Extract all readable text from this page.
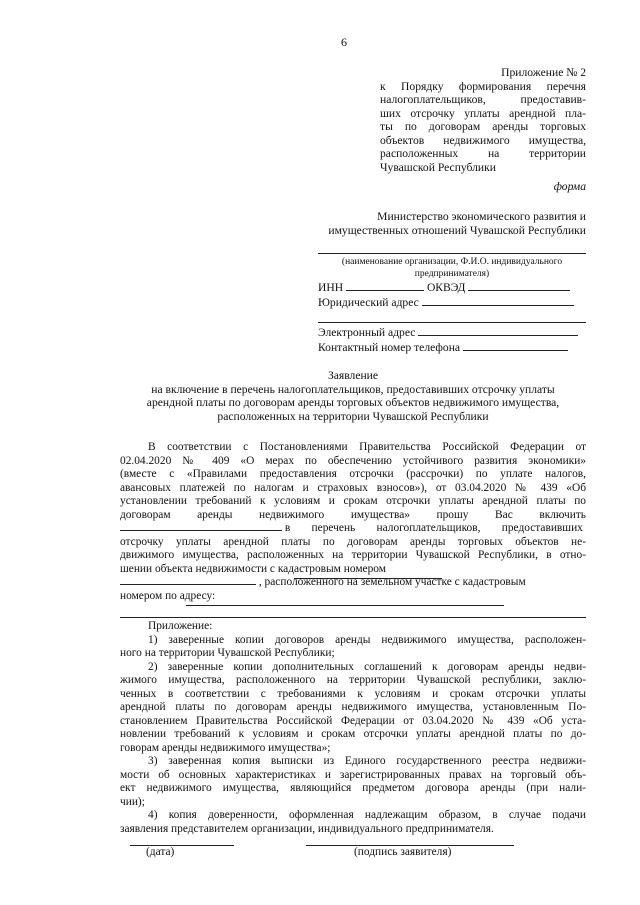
6
Приложение № 2
к Порядку формирования перечня
налогоплательщиков, предоставив-
ших отсрочку уплаты арендной пла-
ты по договорам аренды торговых
объектов недвижимого имущества,
расположенных на территории
Чувашской Республики
форма
Министерство экономического развития и
имущественных отношений Чувашской Республики
(наименование организации, Ф.И.О. индивидуального предпринимателя)
ИНН	ОКВЭД
Юридический адрес
Электронный адрес
Контактный номер телефона
Заявление
на включение в перечень налогоплательщиков, предоставивших отсрочку уплаты
арендной платы по договорам аренды торговых объектов недвижимого имущества,
расположенных на территории Чувашской Республики
В соответствии с Постановлениями Правительства Российской Федерации от
02.04.2020 № 409 «О мерах по обеспечению устойчивого развития экономики»
(вместе с «Правилами предоставления отсрочки (рассрочки) по уплате налогов,
авансовых платежей по налогам и страховых взносов»), от 03.04.2020 № 439 «Об
установлении требований к условиям и срокам отсрочки уплаты арендной платы по
договорам аренды недвижимого имущества» прошу Вас включить
в перечень налогоплательщиков, предоставивших
отсрочку уплаты арендной платы по договорам аренды торговых объектов не-
движимого имущества, расположенных на территории Чувашской Республики, в отно-
шении объекта недвижимости с кадастровым номером
, расположенного на земельном участке с кадастровым
номером по адресу:
Приложение:
1) заверенные копии договоров аренды недвижимого имущества, расположен-
ного на территории Чувашской Республики;
2) заверенные копии дополнительных соглашений к договорам аренды недви-
жимого имущества, расположенного на территории Чувашской республики, заклю-
ченных в соответствии с требованиями к условиям и срокам отсрочки уплаты
арендной платы по договорам аренды недвижимого имущества, установленным По-
становлением Правительства Российской Федерации от 03.04.2020 № 439 «Об уста-
новлении требований к условиям и срокам отсрочки уплаты арендной платы по до-
говорам аренды недвижимого имущества»;
3) заверенная копия выписки из Единого государственного реестра недвижи-
мости об основных характеристиках и зарегистрированных правах на торговый объ-
ект недвижимого имущества, являющийся предметом договора аренды (при нали-
чии);
4) копия доверенности, оформленная надлежащим образом, в случае подачи
заявления представителем организации, индивидуального предпринимателя.
(дата)	(подпись заявителя)
